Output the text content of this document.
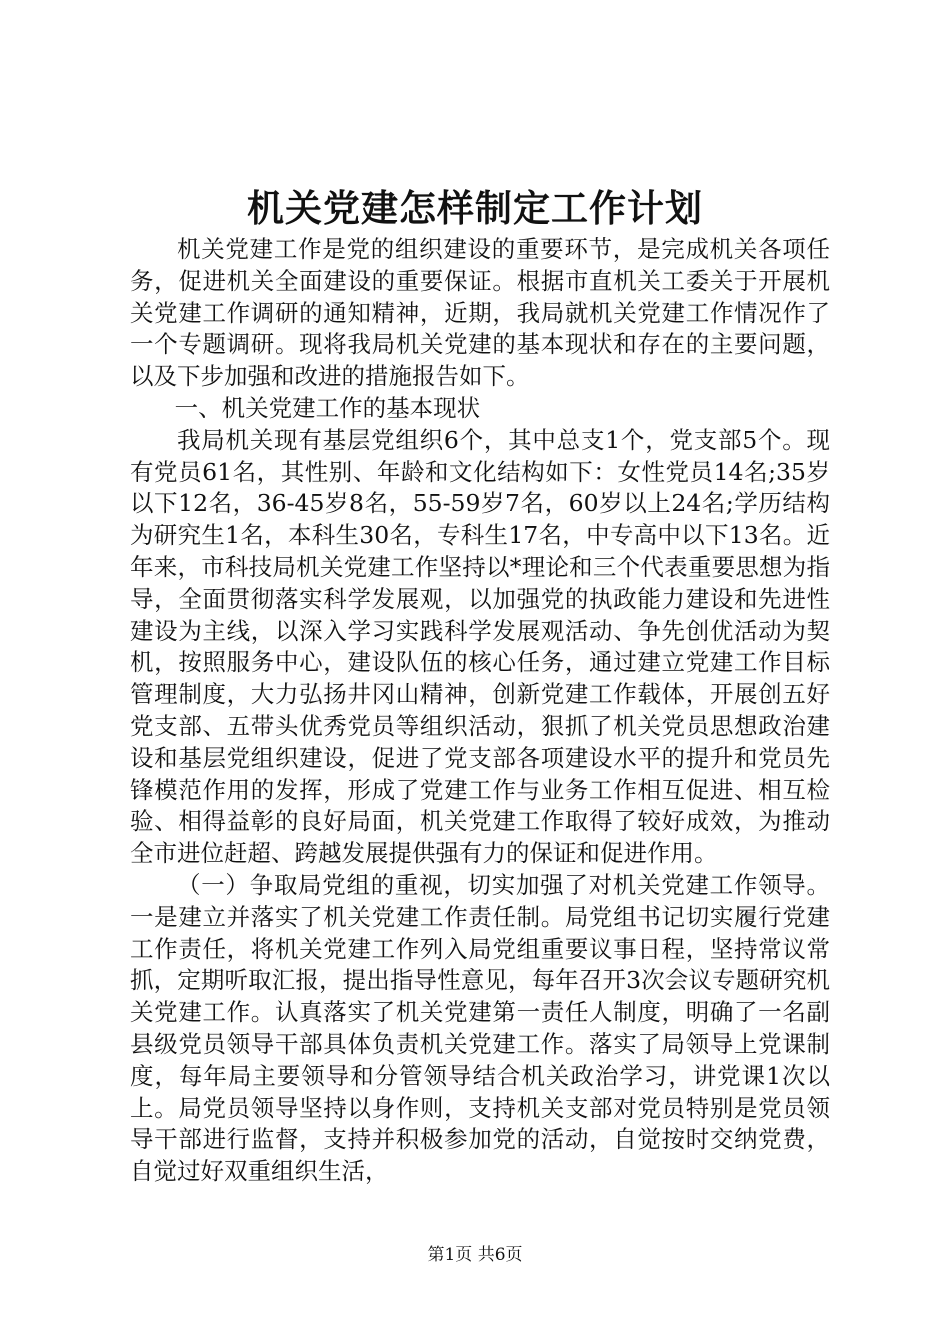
机关党建怎样制定工作计划

机关党建工作是党的组织建设的重要环节，是完成机关各项任务，促进机关全面建设的重要保证。根据市直机关工委关于开展机关党建工作调研的通知精神，近期，我局就机关党建工作情况作了一个专题调研。现将我局机关党建的基本现状和存在的主要问题，以及下步加强和改进的措施报告如下。

一、机关党建工作的基本现状

我局机关现有基层党组织6个，其中总支1个，党支部5个。现有党员61名，其性别、年龄和文化结构如下：女性党员14名;35岁以下12名，36-45岁8名，55-59岁7名，60岁以上24名;学历结构为研究生1名，本科生30名，专科生17名，中专高中以下13名。近年来，市科技局机关党建工作坚持以*理论和三个代表重要思想为指导，全面贯彻落实科学发展观，以加强党的执政能力建设和先进性建设为主线，以深入学习实践科学发展观活动、争先创优活动为契机，按照服务中心，建设队伍的核心任务，通过建立党建工作目标管理制度，大力弘扬井冈山精神，创新党建工作载体，开展创五好党支部、五带头优秀党员等组织活动，狠抓了机关党员思想政治建设和基层党组织建设，促进了党支部各项建设水平的提升和党员先锋模范作用的发挥，形成了党建工作与业务工作相互促进、相互检验、相得益彰的良好局面，机关党建工作取得了较好成效，为推动全市进位赶超、跨越发展提供强有力的保证和促进作用。

（一）争取局党组的重视，切实加强了对机关党建工作领导。一是建立并落实了机关党建工作责任制。局党组书记切实履行党建工作责任，将机关党建工作列入局党组重要议事日程，坚持常议常抓，定期听取汇报，提出指导性意见，每年召开3次会议专题研究机关党建工作。认真落实了机关党建第一责任人制度，明确了一名副县级党员领导干部具体负责机关党建工作。落实了局领导上党课制度，每年局主要领导和分管领导结合机关政治学习，讲党课1次以上。局党员领导坚持以身作则，支持机关支部对党员特别是党员领导干部进行监督，支持并积极参加党的活动，自觉按时交纳党费，自觉过好双重组织生活，

第1页 共6页
